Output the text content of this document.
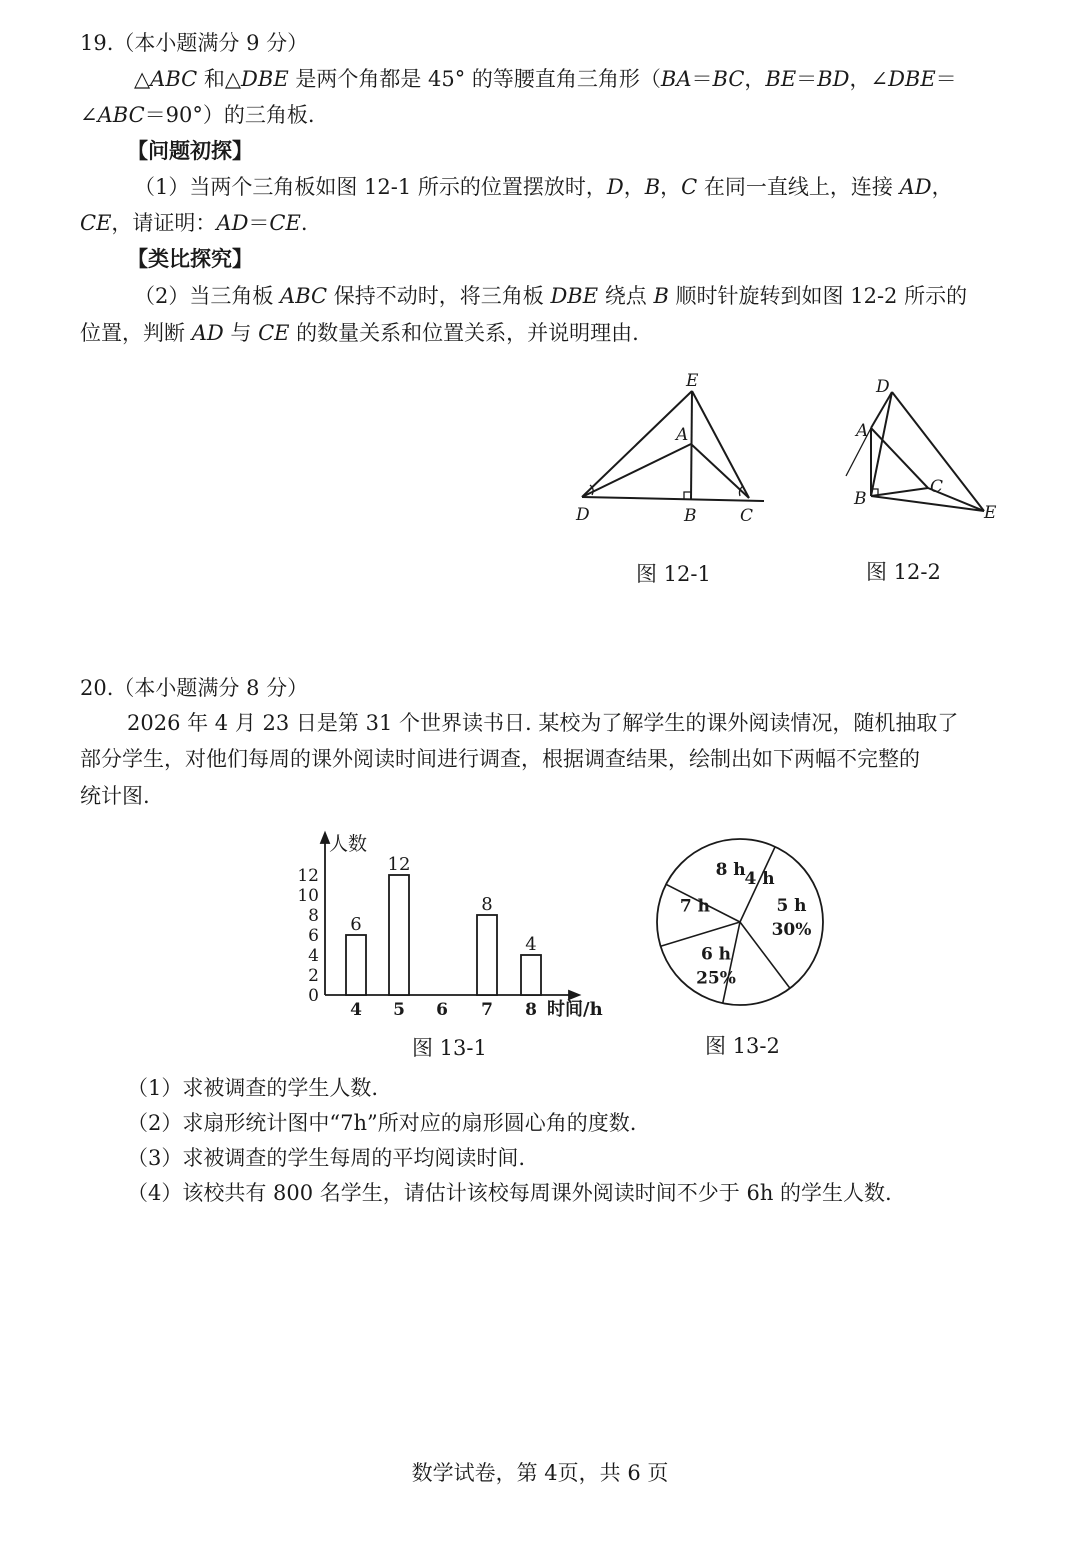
19.（本小题满分 9 分）
△ABC 和△DBE 是两个角都是 45° 的等腰直角三角形（BA＝BC，BE＝BD，∠DBE＝
∠ABC＝90°）的三角板.
【问题初探】
（1）当两个三角板如图 12-1 所示的位置摆放时，D，B，C 在同一直线上，连接 AD，
CE，请证明：AD＝CE.
【类比探究】
（2）当三角板 ABC 保持不动时，将三角板 DBE 绕点 B 顺时针旋转到如图 12-2 所示的
位置，判断 AD 与 CE 的数量关系和位置关系，并说明理由.
E
A
D	B	C
D
A
B
C
E
图 12-1	图 12-2
20.（本小题满分 8 分）
2026 年 4 月 23 日是第 31 个世界读书日. 某校为了解学生的课外阅读情况，随机抽取了
部分学生，对他们每周的课外阅读时间进行调查，根据调查结果，绘制出如下两幅不完整的
统计图.
人数
时间/h
0
2
4
6
8
10
12
4
6
5
12
6 7
8
8
4
图 13-1
4 h
5 h
30%
6 h
25%
7 h
8 h
图 13-2
（1）求被调查的学生人数.
（2）求扇形统计图中“7h”所对应的扇形圆心角的度数.
（3）求被调查的学生每周的平均阅读时间.
（4）该校共有 800 名学生，请估计该校每周课外阅读时间不少于 6h 的学生人数.
数学试卷，第 4页，共 6 页
